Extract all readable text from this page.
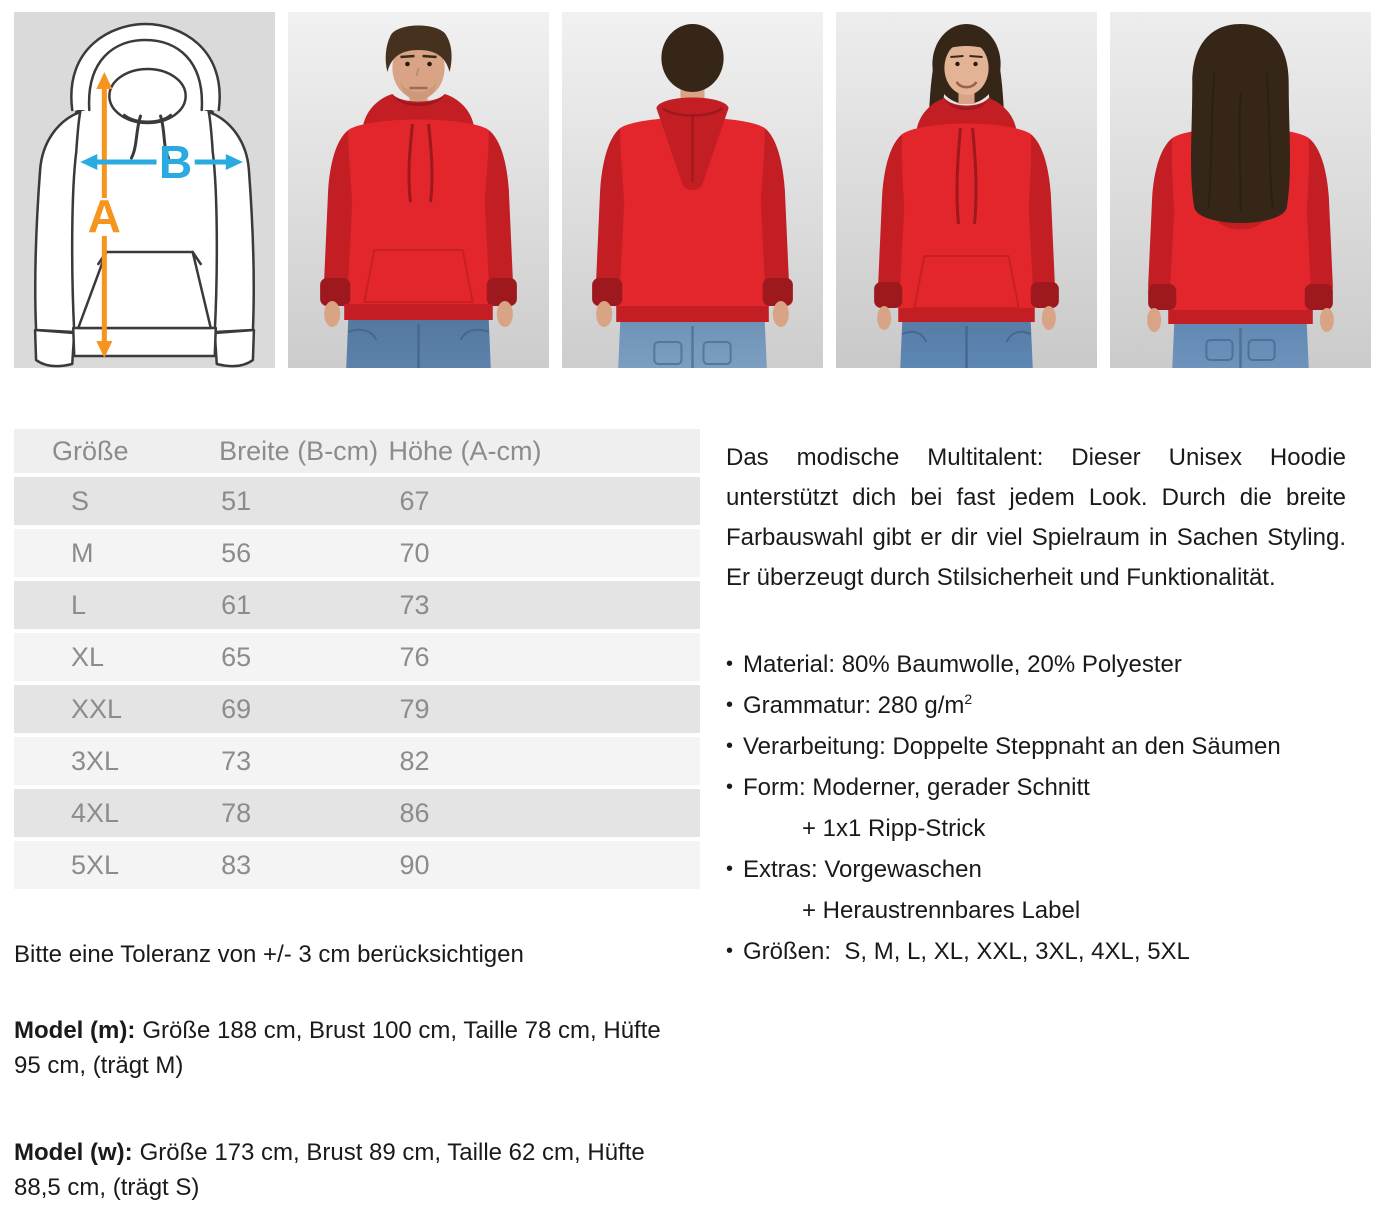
A
B
Größe	Breite (B-cm)	Höhe (A-cm)
S	51	67
M	56	70
L	61	73
XL	65	76
XXL	69	79
3XL	73	82
4XL	78	86
5XL	83	90

Bitte eine Toleranz von +/- 3 cm berücksichtigen

Model (m): Größe 188 cm, Brust 100 cm, Taille 78 cm, Hüfte 95 cm, (trägt M)

Model (w): Größe 173 cm, Brust 89 cm, Taille 62 cm, Hüfte 88,5 cm, (trägt S)

Das modische Multitalent: Dieser Unisex Hoodie unterstützt dich bei fast jedem Look. Durch die breite Farbauswahl gibt er dir viel Spielraum in Sachen Styling. Er überzeugt durch Stilsicherheit und Funktionalität.

• Material: 80% Baumwolle, 20% Polyester
• Grammatur: 280 $g/m^2$
• Verarbeitung: Doppelte Steppnaht an den Säumen
• Form: Moderner, gerader Schnitt
+ 1x1 Ripp-Strick
• Extras: Vorgewaschen
+ Heraustrennbares Label
• Größen:  S, M, L, XL, XXL, 3XL, 4XL, 5XL
